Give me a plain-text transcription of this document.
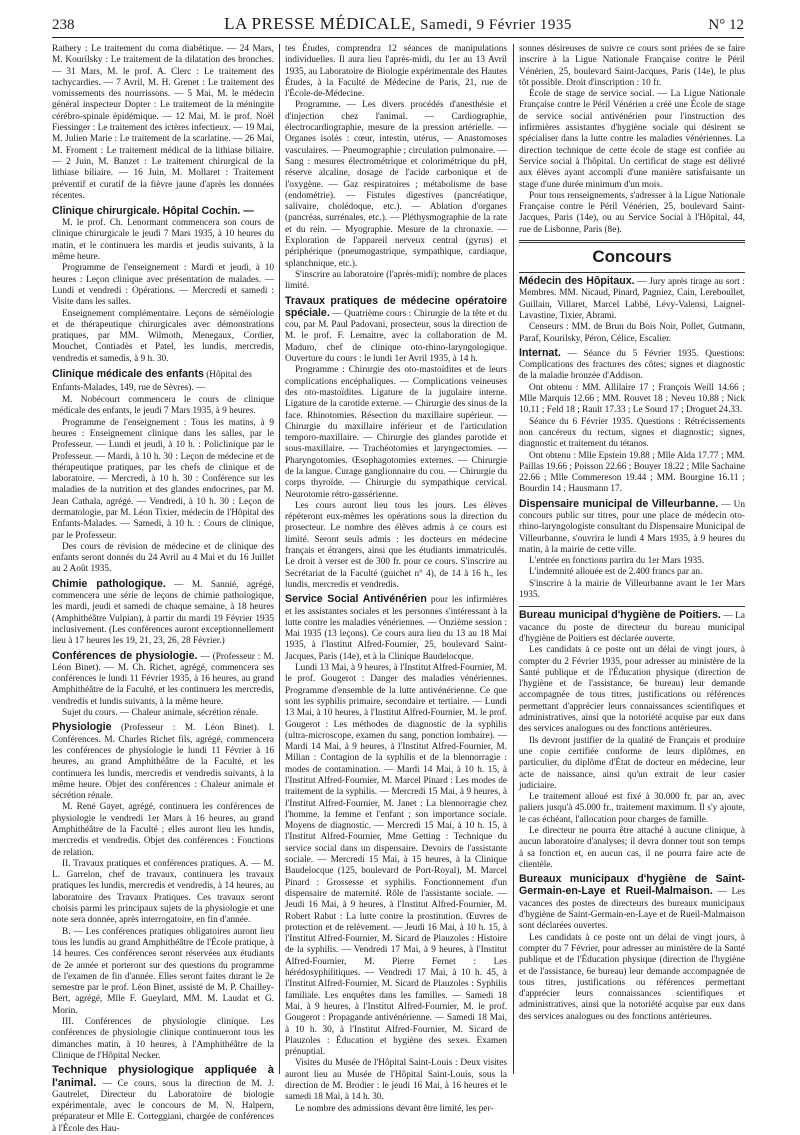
238	LA PRESSE MÉDICALE, Samedi, 9 Février 1935	N° 12

Rathery : Le traitement du coma diabétique. — 24 Mars, M. Kourilsky : Le traitement de la dilatation des bronches. — 31 Mars, M. le prof. A. Clerc : Le traitement des tachycardies. — 7 Avril, M. H. Grenet : Le traitement des vomissements des nourrissons. — 5 Mai, M. le médecin général inspecteur Dopter : Le traitement de la méningite cérébro-spinale épidémique. — 12 Mai, M. le prof. Noël Fiessinger : Le traitement des ictères infectieux. — 19 Mai, M. Julien Marie : Le traitement de la scarlatine. — 26 Mai, M. Froment : Le traitement médical de la lithiase biliaire. — 2 Juin, M. Banzet : Le traitement chirurgical de la lithiase biliaire. — 16 Juin, M. Mollaret : Traitement préventif et curatif de la fièvre jaune d'après les données récentes.

Clinique chirurgicale. Hôpital Cochin. —

M. le prof. Ch. Lenormant commencera son cours de clinique chirurgicale le jeudi 7 Mars 1935, à 10 heures du matin, et le continuera les mardis et jeudis suivants, à la même heure.

Programme de l'enseignement : Mardi et jeudi, à 10 heures : Leçon clinique avec présentation de malades. — Lundi et vendredi : Opérations. — Mercredi et samedi : Visite dans les salles.

Enseignement complémentaire. Leçons de séméiologie et de thérapeutique chirurgicales avec démonstrations pratiques, par MM. Wilmoth, Menegaux, Cordier, Mouchet, Contiadès et Patel, les lundis, mercredis, vendredis et samedis, à 9 h. 30.

Clinique médicale des enfants (Hôpital des Enfants-Malades, 149, rue de Sèvres). —

M. Nobécourt commencera le cours de clinique médicale des enfants, le jeudi 7 Mars 1935, à 9 heures.

Programme de l'enseignement : Tous les matins, à 9 heures : Enseignement clinique dans les salles, par le Professeur. — Lundi et jeudi, à 10 h. : Policlinique par le Professeur. — Mardi, à 10 h. 30 : Leçon de médecine et de thérapeutique pratiques, par les chefs de clinique et de laboratoire. — Mercredi, à 10 h. 30 : Conférence sur les maladies de la nutrition et des glandes endocrines, par M. Jean Cathala, agrégé. — Vendredi, à 10 h. 30 : Leçon de dermatologie, par M. Léon Tixier, médecin de l'Hôpital des Enfants-Malades. — Samedi, à 10 h. : Cours de clinique, par le Professeur.

Des cours de révision de médecine et de clinique des enfants seront donnés du 24 Avril au 4 Mai et du 16 Juillet au 2 Août 1935.

Chimie pathologique. — M. Sannié, agrégé, commencera une série de leçons de chimie pathologique, les mardi, jeudi et samedi de chaque semaine, à 18 heures (Amphithéâtre Vulpian), à partir du mardi 19 Février 1935 inclusivement. (Les conférences auront exceptionnellement lieu à 17 heures les 19, 21, 23, 26, 28 Février.)

Conférences de physiologie. — (Professeur : M. Léon Binet). — M. Ch. Richet, agrégé, commencera ses conférences le lundi 11 Février 1935, à 16 heures, au grand Amphithéâtre de la Faculté, et les continuera les mercredis, vendredis et lundis suivants, à la même heure.

Sujet du cours. — Chaleur animale, sécrétion rénale.

Physiologie (Professeur : M. Léon Binet). I. Conférences. M. Charles Richet fils, agrégé, commencera les conférences de physiologie le lundi 11 Février à 16 heures, au grand Amphithéâtre de la Faculté, et les continuera les lundis, mercredis et vendredis suivants, à la même heure. Objet des conférences : Chaleur animale et sécrétion rénale.

M. René Gayet, agrégé, continuera les conférences de physiologie le vendredi 1er Mars à 16 heures, au grand Amphithéâtre de la Faculté ; elles auront lieu les lundis, mercredis et vendredis. Objet des conférences : Fonctions de relation.

II. Travaux pratiques et conférences pratiques. A. — M. L. Garrelon, chef de travaux, continuera les travaux pratiques les lundis, mercredis et vendredis, à 14 heures, au laboratoire des Travaux Pratiques. Ces travaux seront choisis parmi les principaux sujets de la physiologie et une note sera donnée, après interrogatoire, en fin d'année.

B. — Les conférences pratiques obligatoires auront lieu tous les lundis au grand Amphithéâtre de l'École pratique, à 14 heures. Ces conférences seront réservées aux étudiants de 2e année et porteront sur des questions du programme de l'examen de fin d'année. Elles seront faites durant le 2e semestre par le prof. Léon Binet, assisté de M. P. Chailley-Bert, agrégé, Mlle F. Gueylard, MM. M. Laudat et G. Morin.

III. Conférences de physiologie clinique. Les conférences de physiologie clinique continueront tous les dimanches matin, à 10 heures, à l'Amphithéâtre de la Clinique de l'Hôpital Necker.

Technique physiologique appliquée à l'animal. — Ce cours, sous la direction de M. J. Gautrelet, Directeur du Laboratoire de biologie expérimentale, avec le concours de M. N. Halpern, préparateur et Mlle E. Corteggiani, chargée de conférences à l'École des Hau-

tes Études, comprendra 12 séances de manipulations individuelles. Il aura lieu l'après-midi, du 1er au 13 Avril 1935, au Laboratoire de Biologie expérimentale des Hautes Études, à la Faculté de Médecine de Paris, 21, rue de l'École-de-Médecine.

Programme. — Les divers procédés d'anesthésie et d'injection chez l'animal. — Cardiographie, électrocardiographie, mesure de la pression artérielle. — Organes isolés : cœur, intestin, utérus, — Anastomoses vasculaires. — Pneumographie ; circulation pulmonaire. — Sang : mesures électrométrique et colorimétrique du pH, réserve alcaline, dosage de l'acide carbonique et de l'oxygène. — Gaz respiratoires ; métabolisme de base (endométrie). — Fistules digestives (pancréatique, salivaire, cholédoque, etc.). — Ablation d'organes (pancréas, surrénales, etc.). — Pléthysmographie de la rate et du rein. — Myographie. Mesure de la chronaxie. — Exploration de l'appareil nerveux central (gyrus) et périphérique (pneumogastrique, sympathique, cardiaque, splanchnique, etc.).

S'inscrire au laboratoire (l'après-midi); nombre de places limité.

Travaux pratiques de médecine opératoire spéciale. — Quatrième cours : Chirurgie de la tête et du cou, par M. Paul Padovani, prosecteur, sous la direction de M. le prof. F. Lemaitre, avec la collaboration de M. Maduro, chef de clinique oto-rhino-laryngologique. Ouverture du cours : le lundi 1er Avril 1935, à 14 h.

Programme : Chirurgie des oto-mastoïdites et de leurs complications encéphaliques. — Complications veineuses des oto-mastoïdites. Ligature de la jugulaire interne. Ligature de la carotide externe. — Chirurgie des sinus de la face. Rhinotomies. Résection du maxillaire supérieur. — Chirurgie du maxillaire inférieur et de l'articulation temporo-maxillaire. — Chirurgie des glandes parotide et sous-maxillaire. — Trachéotomies et laryngectomies. — Pharyngotomies. Œsophagotomies externes. — Chirurgie de la langue. Curage ganglionnaire du cou. — Chirurgie du corps thyroïde. — Chirurgie du sympathique cervical. Neurotomie rétro-gassérienne.

Les cours auront lieu tous les jours. Les élèves répéteront eux-mêmes les opérations sous la direction du prosecteur. Le nombre des élèves admis à ce cours est limité. Seront seuls admis : les docteurs en médecine français et étrangers, ainsi que les étudiants immatriculés. Le droit à verser est de 300 fr. pour ce cours. S'inscrire au Secrétariat de la Faculté (guichet n° 4), de 14 à 16 h., les lundis, mercredis et vendredis.

Service Social Antivénérien pour les infirmières et les assistantes sociales et les personnes s'intéressant à la lutte contre les maladies vénériennes. — Onzième session : Mai 1935 (13 leçons). Ce cours aura lieu du 13 au 18 Mai 1935, à l'Institut Alfred-Fournier, 25, boulevard Saint-Jacques, Paris (14e), et à la Clinique Baudelocque.

Lundi 13 Mai, à 9 heures, à l'Institut Alfred-Fournier, M. le prof. Gougerot : Danger des maladies vénériennes. Programme d'ensemble de la lutte antivénérienne. Ce que sont les syphilis primaire, secondaire et tertiaire. — Lundi 13 Mai, à 10 heures, à l'Institut Alfred-Fournier, M. le prof. Gougerot : Les méthodes de diagnostic de la syphilis (ultra-microscope, examen du sang, ponction lombaire). — Mardi 14 Mai, à 9 heures, à l'Institut Alfred-Fournier, M. Milian : Contagion de la syphilis et de la blennorragie : modes de contamination. — Mardi 14 Mai, à 10 h. 15, à l'Institut Alfred-Fournier, M. Marcel Pinard : Les modes de traitement de la syphilis. — Mercredi 15 Mai, à 9 heures, à l'Institut Alfred-Fournier, M. Janet : La blennorragie chez l'homme, la femme et l'enfant ; son importance sociale. Moyens de diagnostic. — Mercredi 15 Mai, à 10 h. 15, à l'Institut Alfred-Fournier, Mme Getting : Technique du service social dans un dispensaire. Devoirs de l'assistante sociale. — Mercredi 15 Mai, à 15 heures, à la Clinique Baudelocque (125, boulevard de Port-Royal), M. Marcel Pinard : Grossesse et syphilis. Fonctionnement d'un dispensaire de maternité. Rôle de l'assistante sociale. — Jeudi 16 Mai, à 9 heures, à l'Institut Alfred-Fournier, M. Robert Rabut : La lutte contre la prostitution. Œuvres de protection et de relèvement. — Jeudi 16 Mai, à 10 h. 15, à l'Institut Alfred-Fournier, M. Sicard de Plauzoles : Histoire de la syphilis. — Vendredi 17 Mai, à 9 heures, à l'Institut Alfred-Fournier, M. Pierre Fernet : Les hérédosyphilitiques. — Vendredi 17 Mai, à 10 h. 45, à l'Institut Alfred-Fournier, M. Sicard de Plauzoles : Syphilis familiale. Les enquêtes dans les familles. — Samedi 18 Mai, à 9 heures, à l'Institut Alfred-Fournier, M. le prof. Gougerot : Propagande antivénérienne. — Samedi 18 Mai, à 10 h. 30, à l'Institut Alfred-Fournier, M. Sicard de Plauzoles : Éducation et hygiène des sexes. Examen prénuptial.

Visites du Musée de l'Hôpital Saint-Louis : Deux visites auront lieu au Musée de l'Hôpital Saint-Louis, sous la direction de M. Brodier : le jeudi 16 Mai, à 16 heures et le samedi 18 Mai, à 14 h. 30.

Le nombre des admissions devant être limité, les per-

sonnes désireuses de suivre ce cours sont priées de se faire inscrire à la Ligue Nationale Française contre le Péril Vénérien, 25, boulevard Saint-Jacques, Paris (14e), le plus tôt possible. Droit d'inscription : 10 fr.

École de stage de service social. — La Ligue Nationale Française contre le Péril Vénérien a créé une École de stage de service social antivénérien pour l'instruction des infirmières assistantes d'hygiène sociale qui désirent se spécialiser dans la lutte contre les maladies vénériennes. La direction technique de cette école de stage est confiée au Service social à l'hôpital. Un certificat de stage est délivré aux élèves ayant accompli d'une manière satisfaisante un stage d'une durée minimum d'un mois.

Pour tous renseignements, s'adresser à la Ligue Nationale Française contre le Péril Vénérien, 25, boulevard Saint-Jacques, Paris (14e), ou au Service Social à l'Hôpital, 44, rue de Lisbonne, Paris (8e).

Concours

Médecin des Hôpitaux. — Jury après tirage au sort : Membres. MM. Nicaud, Pinard, Pagniez, Cain, Lereboullet, Guillain, Villaret, Marcel Labbé, Lévy-Valensi, Laignel-Lavastine, Tixier, Abrami.

Censeurs : MM. de Brun du Bois Noir, Pollet, Gutmann, Paraf, Kourilsky, Péron, Célice, Escalier.

Internat. — Séance du 5 Février 1935. Questions: Complications des fractures des côtes; signes et diagnostic de la maladie bronzée d'Addison.

Ont obtenu : MM. Allilaire 17 ; François Weill 14.66 ; Mlle Marquis 12.66 ; MM. Rouvet 18 ; Neveu 10.88 ; Nick 10.11 ; Feld 18 ; Rault 17.33 ; Le Sourd 17 ; Droguet 24.33.

Séance du 6 Février 1935. Questions : Rétrécissements non cancéreux du rectum, signes et diagnostic; signes, diagnostic et traitement du tétanos.

Ont obtenu : Mlle Epstein 19.88 ; Mlle Alda 17.77 ; MM. Paillas 19.66 ; Poisson 22.66 ; Bouyer 18.22 ; Mlle Sachaine 22.66 ; Mlle Commereson 19.44 ; MM. Bourgine 16.11 ; Bourdin 14 ; Hausmann 17.

Dispensaire municipal de Villeurbanne. — Un concours public sur titres, pour une place de médecin oto-rhino-laryngologiste consultant du Dispensaire Municipal de Villeurbanne, s'ouvrira le lundi 4 Mars 1935, à 9 heures du matin, à la mairie de cette ville.

L'entrée en fonctions partira du 1er Mars 1935.

L'indemnité allouée est de 2.400 francs par an.

S'inscrire à la mairie de Villeurbanne avant le 1er Mars 1935.

Bureau municipal d'hygiène de Poitiers. — La vacance du poste de directeur du bureau municipal d'hygiène de Poitiers est déclarée ouverte.

Les candidats à ce poste ont un délai de vingt jours, à compter du 2 Février 1935, pour adresser au ministère de la Santé publique et de l'Éducation physique (direction de l'hygiène et de l'assistance, 6e bureau) leur demande accompagnée de tous titres, justifications ou références permettant d'apprécier leurs connaissances scientifiques et administratives, ainsi que la notoriété acquise par eux dans des services analogues ou des fonctions antérieures.

Ils devront justifier de la qualité de Français et produire une copie certifiée conforme de leurs diplômes, en particulier, du diplôme d'État de docteur en médecine, leur acte de naissance, ainsi qu'un extrait de leur casier judiciaire.

Le traitement alloué est fixé à 30.000 fr. par an, avec paliers jusqu'à 45.000 fr., traitement maximum. Il s'y ajoute, le cas échéant, l'allocation pour charges de famille.

Le directeur ne pourra être attaché à aucune clinique, à aucun laboratoire d'analyses; il devra donner tout son temps à sa fonction et, en aucun cas, il ne pourra faire acte de clientèle.

Bureaux municipaux d'hygiène de Saint-Germain-en-Laye et Rueil-Malmaison. — Les vacances des postes de directeurs des bureaux municipaux d'hygiène de Saint-Germain-en-Laye et de Rueil-Malmaison sont déclarées ouvertes.

Les candidats à ce poste ont un délai de vingt jours, à compter du 7 Février, pour adresser au ministère de la Santé publique et de l'Éducation physique (direction de l'hygiène et de l'assistance, 6e bureau) leur demande accompagnée de tous titres, justifications ou références permettant d'apprécier leurs connaissances scientifiques et administratives, ainsi que la notoriété acquise par eux dans des services analogues ou des fonctions antérieures.
